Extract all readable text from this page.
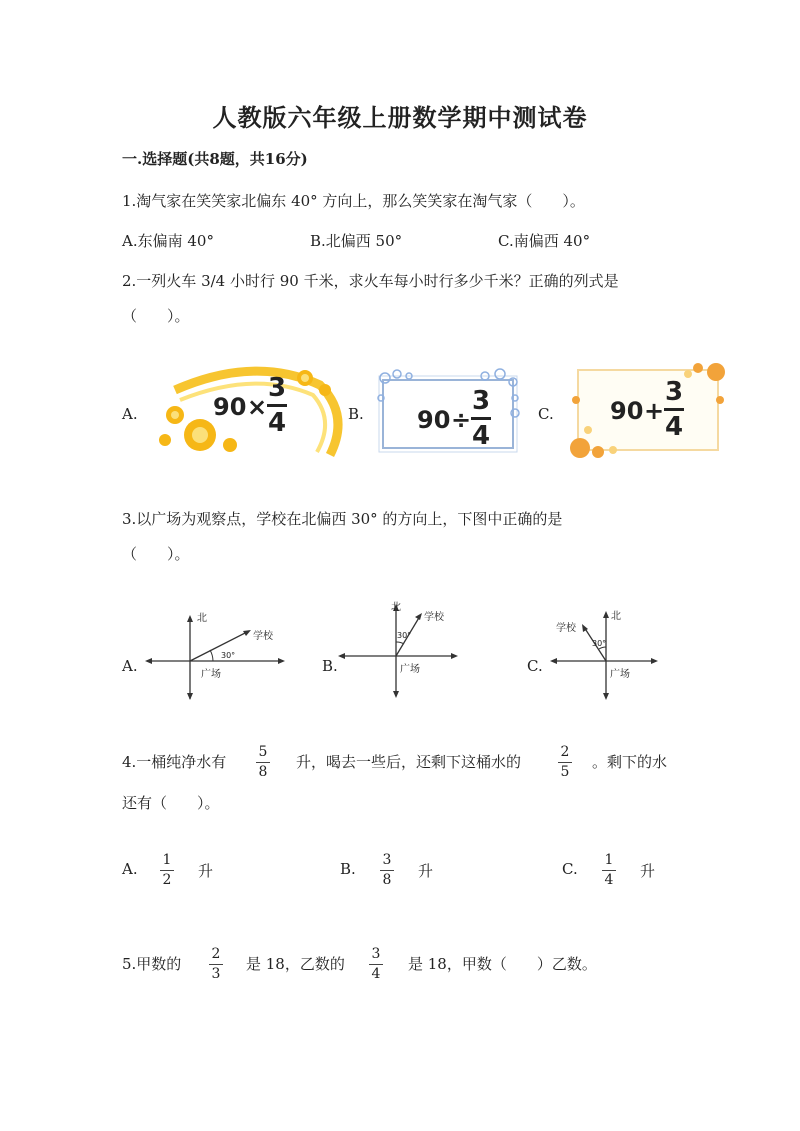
人教版六年级上册数学期中测试卷
一.选择题(共8题，共16分)
1.淘气家在笑笑家北偏东 40° 方向上，那么笑笑家在淘气家（　　）。
A.东偏南 40°	B.北偏西 50°	C.南偏西 40°
2.一列火车 3/4 小时行 90 千米，求火车每小时行多少千米？正确的列式是
（　　）。
A.	90 ×
3
4	B. 90 ÷
3
4
C. 90 +
3
4
3.以广场为观察点，学校在北偏西 30° 的方向上，下图中正确的是
（　　）。
A.
北
学校
广场
30°
B.
北
学校
广场
30°
C.
北
学校
广场
30°
4.一桶纯净水有
5
8
升，喝去一些后，还剩下这桶水的
2
5
。剩下的水
还有（　　）。
A. 1
2 升	B. 3
8 升	C. 1
4 升
5.甲数的
2
3
是 18，乙数的
3
4
是 18，甲数（　　）乙数。
